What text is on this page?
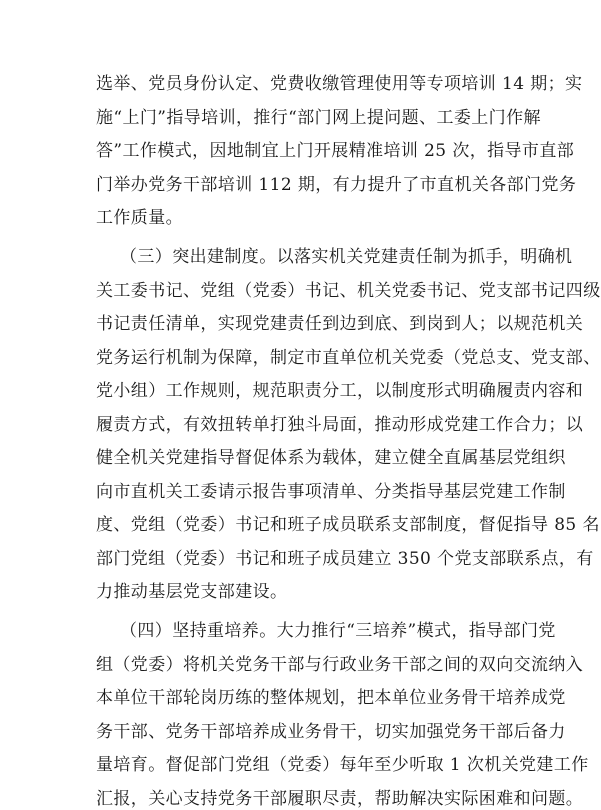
选举、党员身份认定、党费收缴管理使用等专项培训 14 期；实
施“上门”指导培训，推行“部门网上提问题、工委上门作解
答”工作模式，因地制宜上门开展精准培训 25 次，指导市直部
门举办党务干部培训 112 期，有力提升了市直机关各部门党务
工作质量。
（三）突出建制度。以落实机关党建责任制为抓手，明确机
关工委书记、党组（党委）书记、机关党委书记、党支部书记四级
书记责任清单，实现党建责任到边到底、到岗到人；以规范机关
党务运行机制为保障，制定市直单位机关党委（党总支、党支部、
党小组）工作规则，规范职责分工，以制度形式明确履责内容和
履责方式，有效扭转单打独斗局面，推动形成党建工作合力；以
健全机关党建指导督促体系为载体，建立健全直属基层党组织
向市直机关工委请示报告事项清单、分类指导基层党建工作制
度、党组（党委）书记和班子成员联系支部制度，督促指导 85 名
部门党组（党委）书记和班子成员建立 350 个党支部联系点，有
力推动基层党支部建设。
（四）坚持重培养。大力推行“三培养”模式，指导部门党
组（党委）将机关党务干部与行政业务干部之间的双向交流纳入
本单位干部轮岗历练的整体规划，把本单位业务骨干培养成党
务干部、党务干部培养成业务骨干，切实加强党务干部后备力
量培育。督促部门党组（党委）每年至少听取 1 次机关党建工作
汇报，关心支持党务干部履职尽责，帮助解决实际困难和问题。
